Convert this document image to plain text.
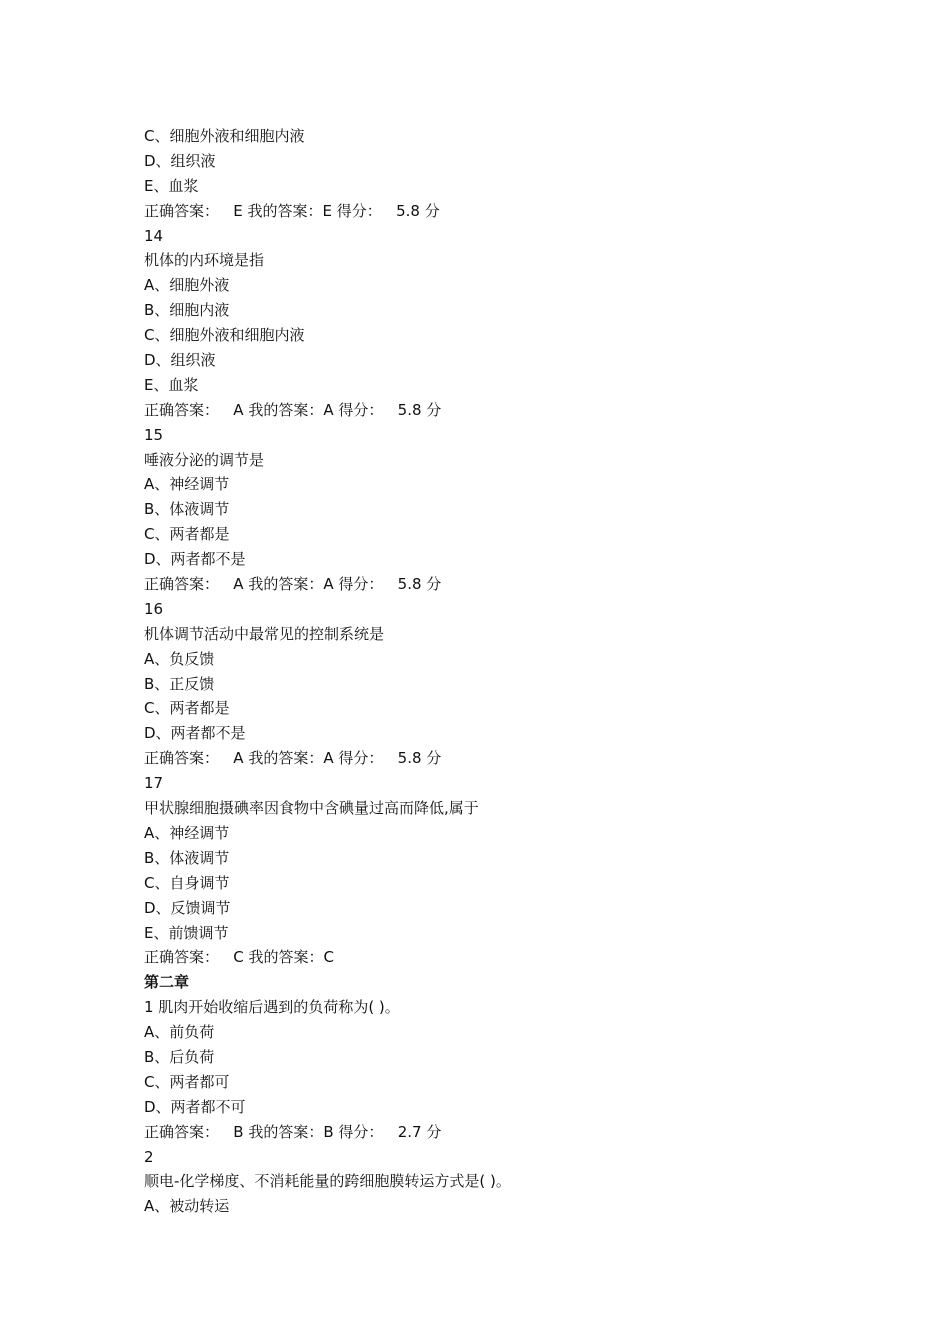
C、细胞外液和细胞内液
D、组织液
E、血浆
正确答案：   E 我的答案：E 得分：   5.8 分
14
机体的内环境是指
A、细胞外液
B、细胞内液
C、细胞外液和细胞内液
D、组织液
E、血浆
正确答案：   A 我的答案：A 得分：   5.8 分
15
唾液分泌的调节是
A、神经调节
B、体液调节
C、两者都是
D、两者都不是
正确答案：   A 我的答案：A 得分：   5.8 分
16
机体调节活动中最常见的控制系统是
A、负反馈
B、正反馈
C、两者都是
D、两者都不是
正确答案：   A 我的答案：A 得分：   5.8 分
17
甲状腺细胞摄碘率因食物中含碘量过高而降低,属于
A、神经调节
B、体液调节
C、自身调节
D、反馈调节
E、前馈调节
正确答案：   C 我的答案：C
第二章
1 肌肉开始收缩后遇到的负荷称为( )。
A、前负荷
B、后负荷
C、两者都可
D、两者都不可
正确答案：   B 我的答案：B 得分：   2.7 分
2
顺电-化学梯度、不消耗能量的跨细胞膜转运方式是( )。
A、被动转运
